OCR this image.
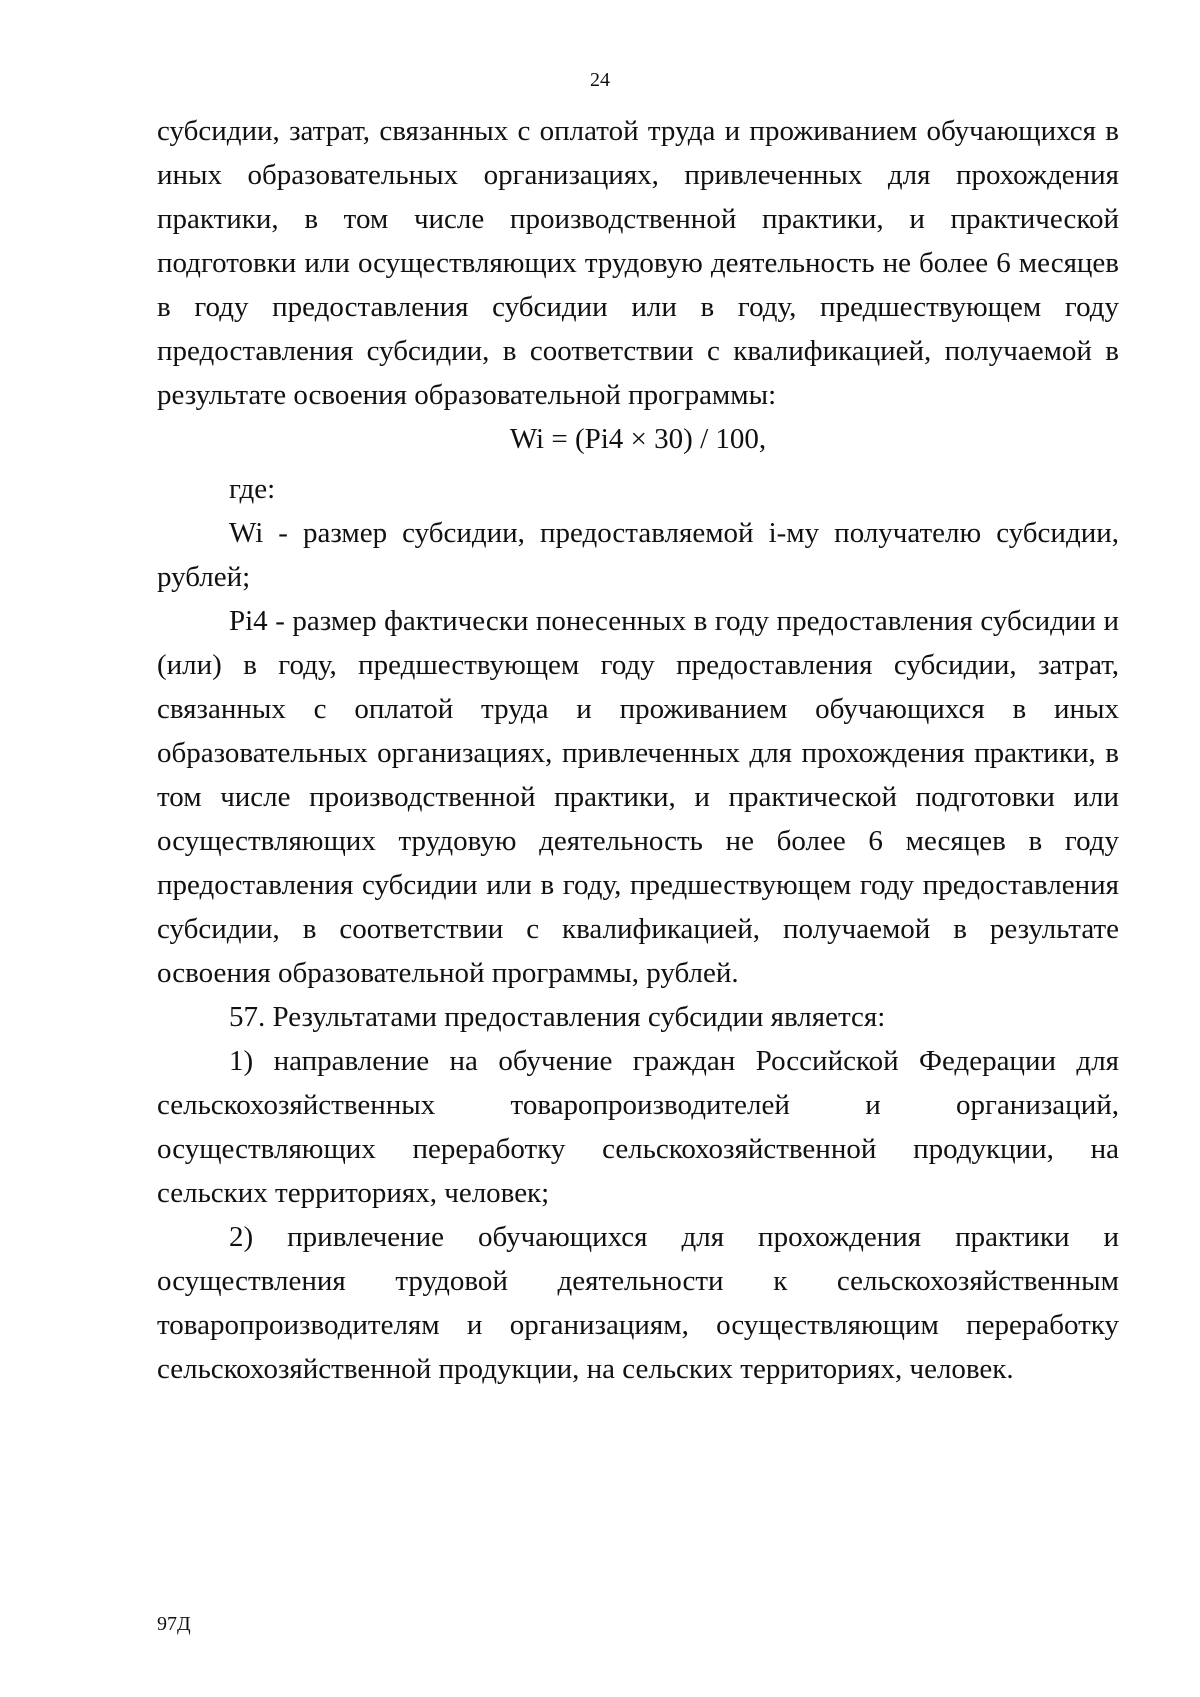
24

субсидии, затрат, связанных с оплатой труда и проживанием обучающихся в иных образовательных организациях, привлеченных для прохождения практики, в том числе производственной практики, и практической подготовки или осуществляющих трудовую деятельность не более 6 месяцев в году предоставления субсидии или в году, предшествующем году предоставления субсидии, в соответствии с квалификацией, получаемой в результате освоения образовательной программы:

Wi = (Pi4 × 30) / 100,

где:

Wi - размер субсидии, предоставляемой i-му получателю субсидии, рублей;

Pi4 - размер фактически понесенных в году предоставления субсидии и (или) в году, предшествующем году предоставления субсидии, затрат, связанных с оплатой труда и проживанием обучающихся в иных образовательных организациях, привлеченных для прохождения практики, в том числе производственной практики, и практической подготовки или осуществляющих трудовую деятельность не более 6 месяцев в году предоставления субсидии или в году, предшествующем году предоставления субсидии, в соответствии с квалификацией, получаемой в результате освоения образовательной программы, рублей.

57. Результатами предоставления субсидии является:

1) направление на обучение граждан Российской Федерации для сельскохозяйственных товаропроизводителей и организаций, осуществляющих переработку сельскохозяйственной продукции, на сельских территориях, человек;

2) привлечение обучающихся для прохождения практики и осуществления трудовой деятельности к сельскохозяйственным товаропроизводителям и организациям, осуществляющим переработку сельскохозяйственной продукции, на сельских территориях, человек.

97Д
